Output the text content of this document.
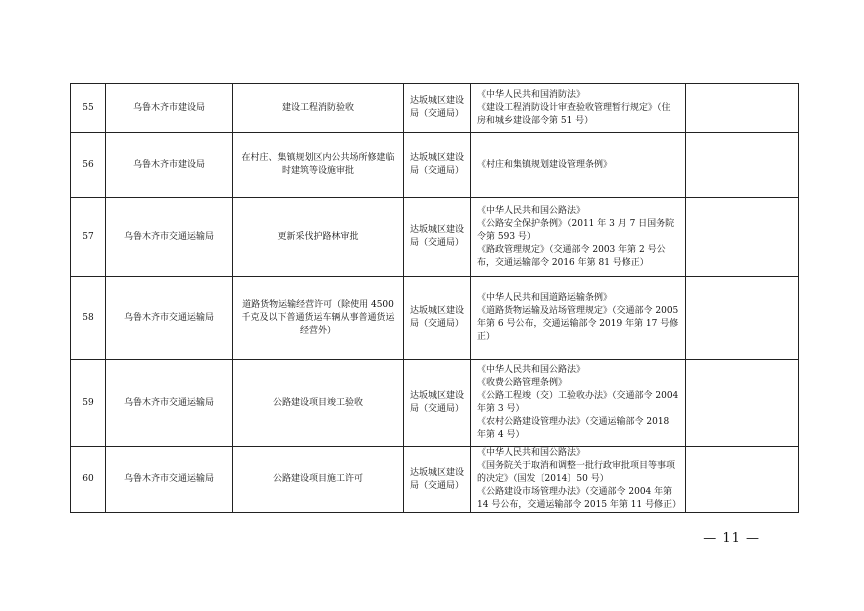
55	乌鲁木齐市建设局	建设工程消防验收	达坂城区建设局（交通局）	《中华人民共和国消防法》
《建设工程消防设计审查验收管理暂行规定》（住房和城乡建设部令第 51 号）	

56	乌鲁木齐市建设局	在村庄、集镇规划区内公共场所修建临时建筑等设施审批	达坂城区建设局（交通局）	《村庄和集镇规划建设管理条例》	

57	乌鲁木齐市交通运输局	更新采伐护路林审批	达坂城区建设局（交通局）	《中华人民共和国公路法》
《公路安全保护条例》（2011 年 3 月 7 日国务院令第 593 号）
《路政管理规定》（交通部令 2003 年第 2 号公布，交通运输部令 2016 年第 81 号修正）	

58	乌鲁木齐市交通运输局	道路货物运输经营许可（除使用 4500 千克及以下普通货运车辆从事普通货运经营外）	达坂城区建设局（交通局）	《中华人民共和国道路运输条例》
《道路货物运输及站场管理规定》（交通部令 2005 年第 6 号公布，交通运输部令 2019 年第 17 号修正）	

59	乌鲁木齐市交通运输局	公路建设项目竣工验收	达坂城区建设局（交通局）	《中华人民共和国公路法》
《收费公路管理条例》
《公路工程竣（交）工验收办法》（交通部令 2004 年第 3 号）
《农村公路建设管理办法》（交通运输部令 2018 年第 4 号）	

60	乌鲁木齐市交通运输局	公路建设项目施工许可	达坂城区建设局（交通局）	《中华人民共和国公路法》
《国务院关于取消和调整一批行政审批项目等事项的决定》（国发〔2014〕50 号）
《公路建设市场管理办法》（交通部令 2004 年第 14 号公布，交通运输部令 2015 年第 11 号修正）	

— 11 —
